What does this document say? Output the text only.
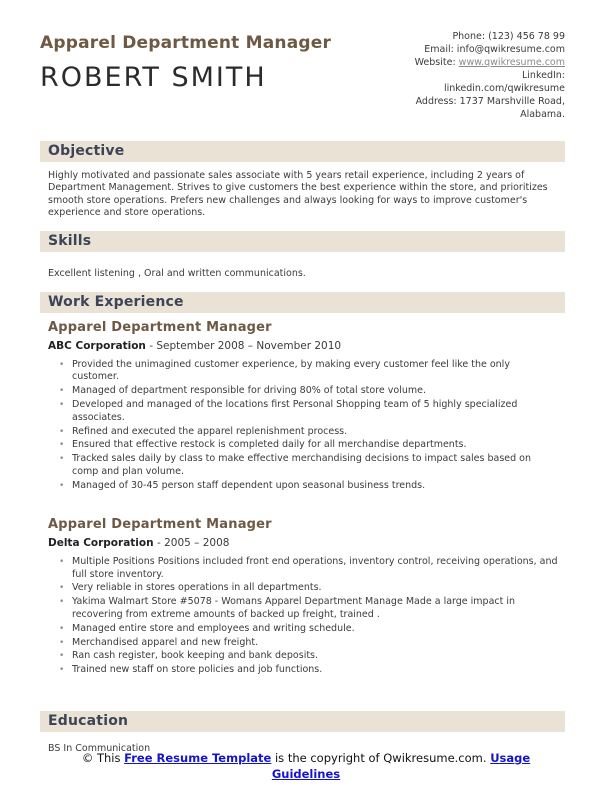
Apparel Department Manager
ROBERT SMITH
Phone: (123) 456 78 99
Email: info@qwikresume.com
Website: www.qwikresume.com
LinkedIn:
linkedin.com/qwikresume
Address: 1737 Marshville Road,
Alabama.
Objective

Highly motivated and passionate sales associate with 5 years retail experience, including 2 years of Department Management. Strives to give customers the best experience within the store, and prioritizes smooth store operations. Prefers new challenges and always looking for ways to improve customer's experience and store operations.

Skills

Excellent listening , Oral and written communications.

Work Experience
Apparel Department Manager
ABC Corporation - September 2008 – November 2010
• Provided the unimagined customer experience, by making every customer feel like the only customer.
• Managed of department responsible for driving 80% of total store volume.
• Developed and managed of the locations first Personal Shopping team of 5 highly specialized associates.
• Refined and executed the apparel replenishment process.
• Ensured that effective restock is completed daily for all merchandise departments.
• Tracked sales daily by class to make effective merchandising decisions to impact sales based on comp and plan volume.
• Managed of 30-45 person staff dependent upon seasonal business trends.
Apparel Department Manager
Delta Corporation - 2005 – 2008
• Multiple Positions Positions included front end operations, inventory control, receiving operations, and full store inventory.
• Very reliable in stores operations in all departments.
• Yakima Walmart Store #5078 - Womans Apparel Department Manage Made a large impact in recovering from extreme amounts of backed up freight, trained .
• Managed entire store and employees and writing schedule.
• Merchandised apparel and new freight.
• Ran cash register, book keeping and bank deposits.
• Trained new staff on store policies and job functions.
Education

BS In Communication

© This Free Resume Template is the copyright of Qwikresume.com. Usage Guidelines
